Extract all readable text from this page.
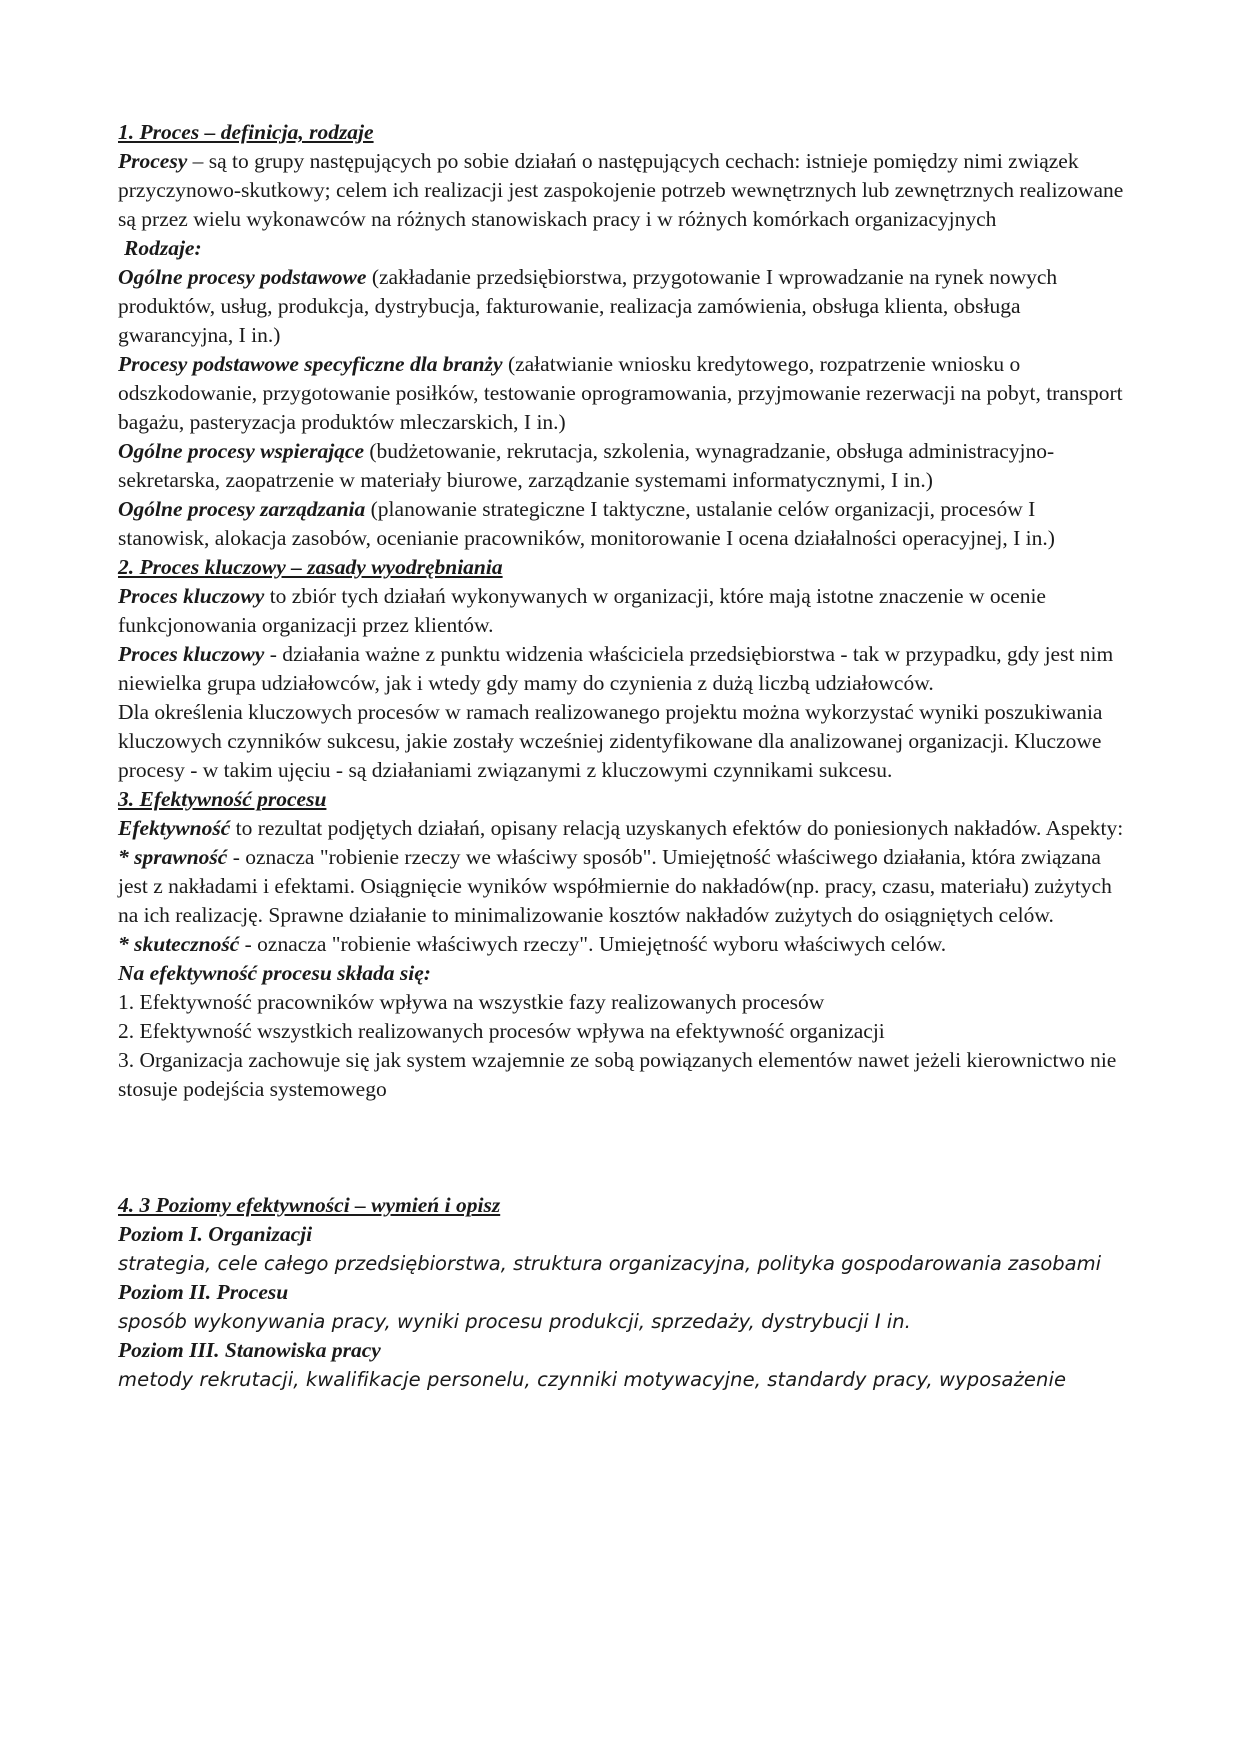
1. Proces – definicja, rodzaje

Procesy – są to grupy następujących po sobie działań o następujących cechach: istnieje pomiędzy nimi związek przyczynowo-skutkowy; celem ich realizacji jest zaspokojenie potrzeb wewnętrznych lub zewnętrznych realizowane są przez wielu wykonawców na różnych stanowiskach pracy i w różnych komórkach organizacyjnych

Rodzaje:

Ogólne procesy podstawowe (zakładanie przedsiębiorstwa, przygotowanie I wprowadzanie na rynek nowych produktów, usług, produkcja, dystrybucja, fakturowanie, realizacja zamówienia, obsługa klienta, obsługa gwarancyjna, I in.)

Procesy podstawowe specyficzne dla branży (załatwianie wniosku kredytowego, rozpatrzenie wniosku o odszkodowanie, przygotowanie posiłków, testowanie oprogramowania, przyjmowanie rezerwacji na pobyt, transport bagażu, pasteryzacja produktów mleczarskich, I in.)

Ogólne procesy wspierające (budżetowanie, rekrutacja, szkolenia, wynagradzanie, obsługa administracyjno-sekretarska, zaopatrzenie w materiały biurowe, zarządzanie systemami informatycznymi, I in.)

Ogólne procesy zarządzania (planowanie strategiczne I taktyczne, ustalanie celów organizacji, procesów I stanowisk, alokacja zasobów, ocenianie pracowników, monitorowanie I ocena działalności operacyjnej, I in.)

2. Proces kluczowy – zasady wyodrębniania

Proces kluczowy to zbiór tych działań wykonywanych w organizacji, które mają istotne znaczenie w ocenie funkcjonowania organizacji przez klientów.

Proces kluczowy - działania ważne z punktu widzenia właściciela przedsiębiorstwa - tak w przypadku, gdy jest nim niewielka grupa udziałowców, jak i wtedy gdy mamy do czynienia z dużą liczbą udziałowców.

Dla określenia kluczowych procesów w ramach realizowanego projektu można wykorzystać wyniki poszukiwania kluczowych czynników sukcesu, jakie zostały wcześniej zidentyfikowane dla analizowanej organizacji. Kluczowe procesy - w takim ujęciu - są działaniami związanymi z kluczowymi czynnikami sukcesu.

3. Efektywność procesu

Efektywność to rezultat podjętych działań, opisany relacją uzyskanych efektów do poniesionych nakładów. Aspekty:

* sprawność - oznacza "robienie rzeczy we właściwy sposób". Umiejętność właściwego działania, która związana jest z nakładami i efektami. Osiągnięcie wyników współmiernie do nakładów(np. pracy, czasu, materiału) zużytych na ich realizację. Sprawne działanie to minimalizowanie kosztów nakładów zużytych do osiągniętych celów.

* skuteczność - oznacza "robienie właściwych rzeczy". Umiejętność wyboru właściwych celów.

Na efektywność procesu składa się:

1. Efektywność pracowników wpływa na wszystkie fazy realizowanych procesów

2. Efektywność wszystkich realizowanych procesów wpływa na efektywność organizacji

3. Organizacja zachowuje się jak system wzajemnie ze sobą powiązanych elementów nawet jeżeli kierownictwo nie stosuje podejścia systemowego

4. 3 Poziomy efektywności – wymień i opisz

Poziom I. Organizacji

strategia, cele całego przedsiębiorstwa, struktura organizacyjna, polityka gospodarowania zasobami

Poziom II. Procesu

sposób wykonywania pracy, wyniki procesu produkcji, sprzedaży, dystrybucji I in.

Poziom III. Stanowiska pracy

metody rekrutacji, kwalifikacje personelu, czynniki motywacyjne, standardy pracy, wyposażenie
